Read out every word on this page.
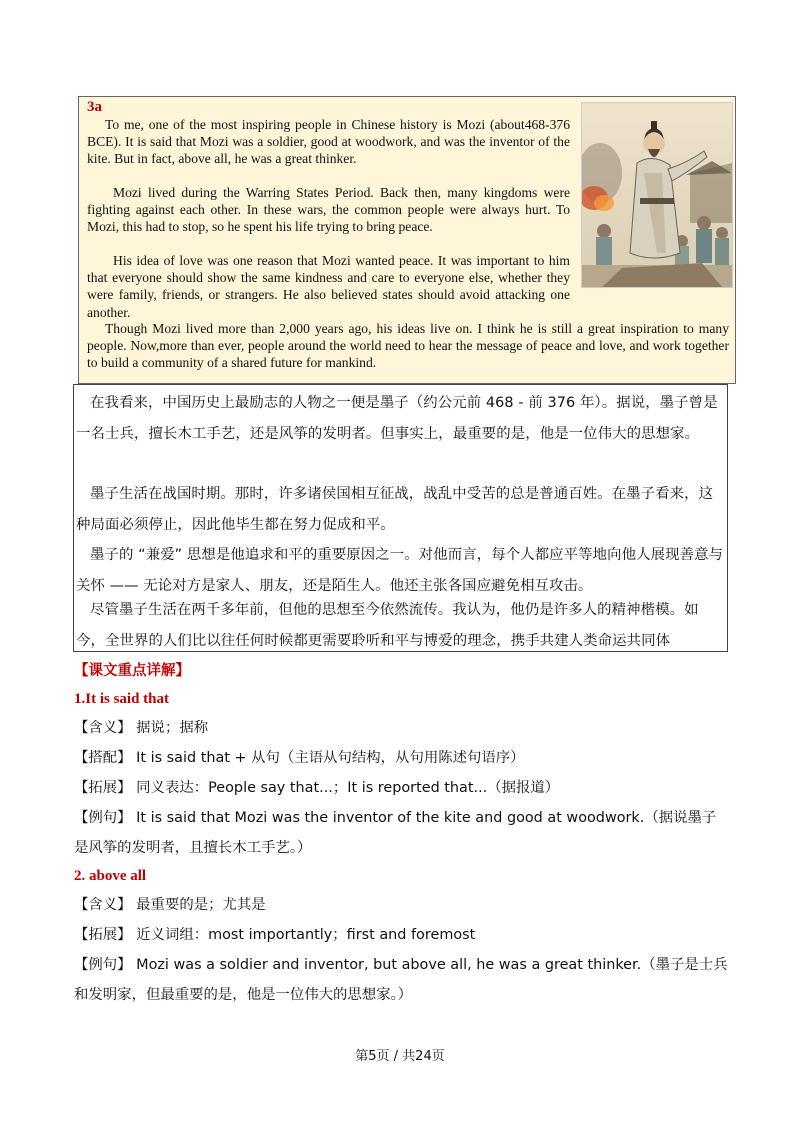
3a

To me, one of the most inspiring people in Chinese history is Mozi (about468-376 BCE). It is said that Mozi was a soldier, good at woodwork, and was the inventor of the kite. But in fact, above all, he was a great thinker.

Mozi lived during the Warring States Period. Back then, many kingdoms were fighting against each other. In these wars, the common people were always hurt. To Mozi, this had to stop, so he spent his life trying to bring peace.

His idea of love was one reason that Mozi wanted peace. It was important to him that everyone should show the same kindness and care to everyone else, whether they were family, friends, or strangers. He also believed states should avoid attacking one another.

Though Mozi lived more than 2,000 years ago, his ideas live on. I think he is still a great inspiration to many people. Now,more than ever, people around the world need to hear the message of peace and love, and work together to build a community of a shared future for mankind.

在我看来，中国历史上最励志的人物之一便是墨子（约公元前 468 - 前 376 年）。据说，墨子曾是一名士兵，擅长木工手艺，还是风筝的发明者。但事实上，最重要的是，他是一位伟大的思想家。

墨子生活在战国时期。那时，许多诸侯国相互征战，战乱中受苦的总是普通百姓。在墨子看来，这种局面必须停止，因此他毕生都在努力促成和平。

墨子的 “兼爱” 思想是他追求和平的重要原因之一。对他而言，每个人都应平等地向他人展现善意与关怀 —— 无论对方是家人、朋友，还是陌生人。他还主张各国应避免相互攻击。

尽管墨子生活在两千多年前，但他的思想至今依然流传。我认为，他仍是许多人的精神楷模。如今，全世界的人们比以往任何时候都更需要聆听和平与博爱的理念，携手共建人类命运共同体

【课文重点详解】
1.It is said that
【含义】 据说；据称
【搭配】 It is said that + 从句（主语从句结构，从句用陈述句语序）
【拓展】 同义表达：People say that...；It is reported that...（据报道）
【例句】 It is said that Mozi was the inventor of the kite and good at woodwork.（据说墨子是风筝的发明者，且擅长木工手艺。）
2. above all
【含义】 最重要的是；尤其是
【拓展】 近义词组：most importantly；first and foremost
【例句】 Mozi was a soldier and inventor, but above all, he was a great thinker.（墨子是士兵和发明家，但最重要的是，他是一位伟大的思想家。）
第5页 / 共24页
